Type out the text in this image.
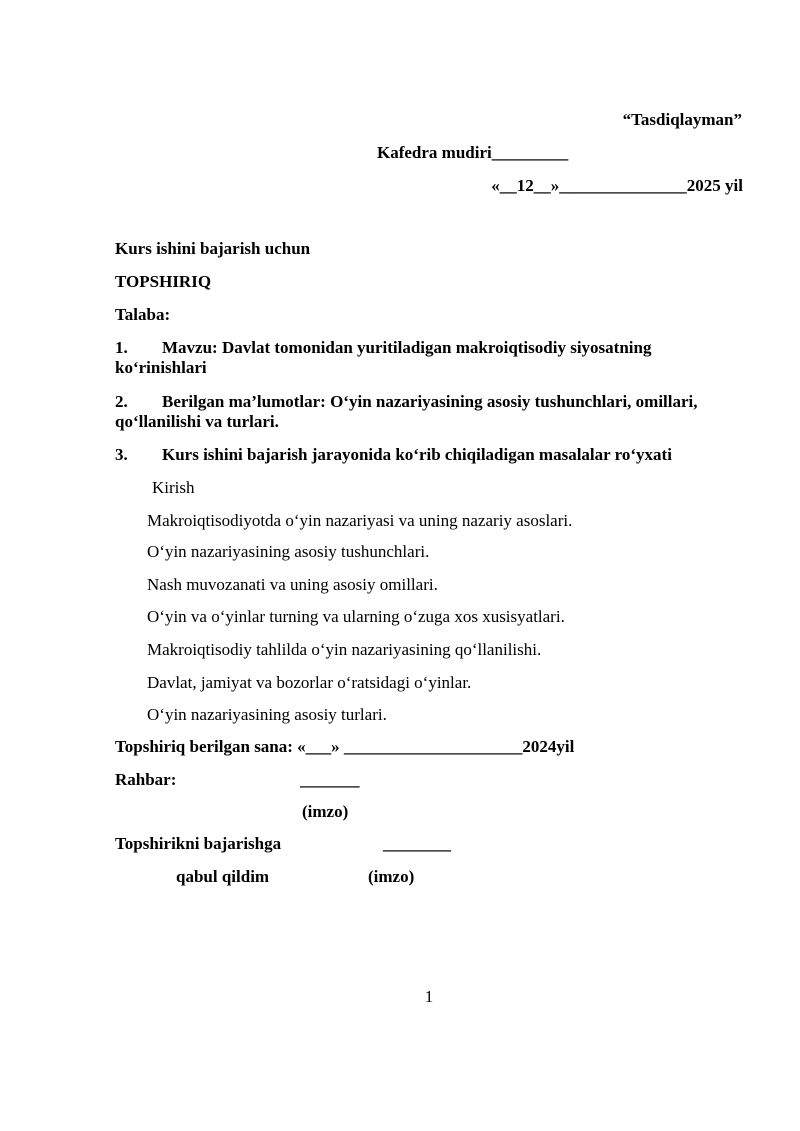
“Tasdiqlayman”
Kafedra mudiri_________
«__12__»_______________2025 yil
Kurs ishini bajarish uchun
TOPSHIRIQ
Talaba:
1. Mavzu: Davlat tomonidan yuritiladigan makroiqtisodiy siyosatning ko‘rinishlari
2. Berilgan ma’lumotlar: O‘yin nazariyasining asosiy tushunchlari, omillari, qo‘llanilishi va turlari.
3. Kurs ishini bajarish jarayonida ko‘rib chiqiladigan masalalar ro‘yxati
Kirish
Makroiqtisodiyotda o‘yin nazariyasi va uning nazariy asoslari.
O‘yin nazariyasining asosiy tushunchlari.
Nash muvozanati va uning asosiy omillari.
O‘yin va o‘yinlar turning va ularning o‘zuga xos xusisyatlari.
Makroiqtisodiy tahlilda o‘yin nazariyasining qo‘llanilishi.
Davlat, jamiyat va bozorlar o‘ratsidagi o‘yinlar.
O‘yin nazariyasining asosiy turlari.
Topshiriq berilgan sana: «___» _____________________2024yil
Rahbar:	_______
(imzo)
Topshirikni bajarishga	________
qabul qildim	(imzo)
1
